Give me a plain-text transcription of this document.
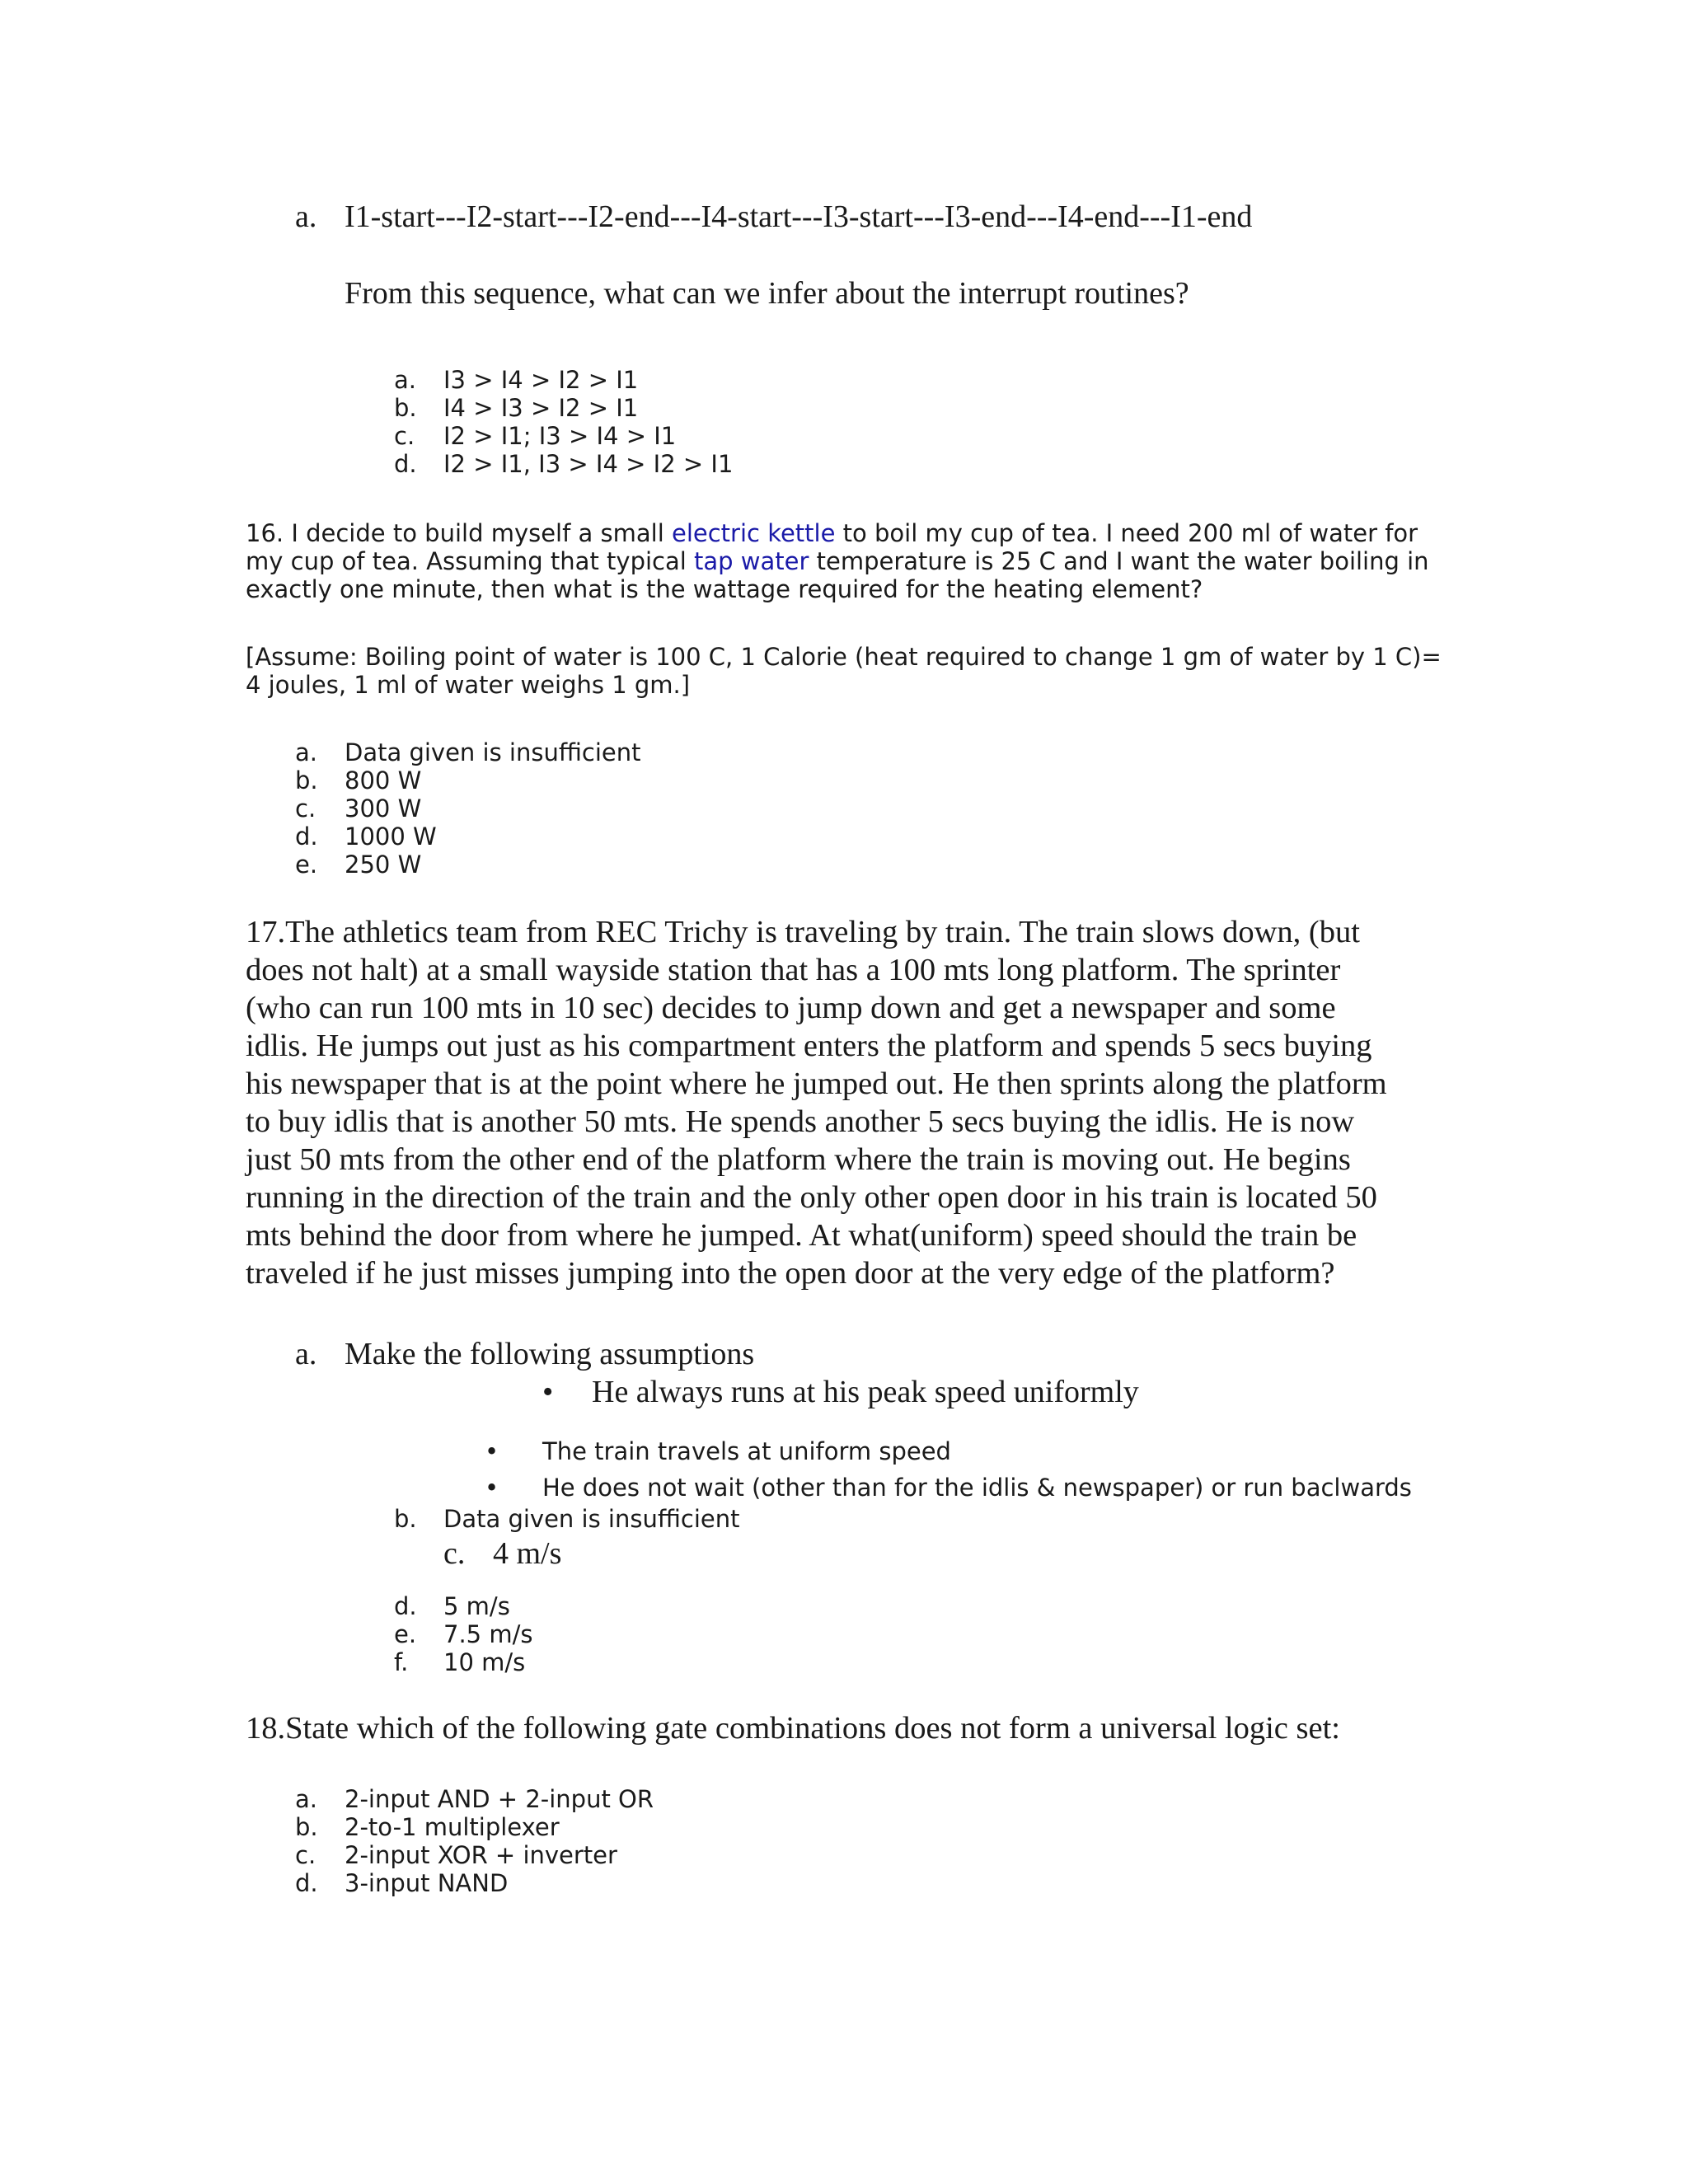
a. I1-start---I2-start---I2-end---I4-start---I3-start---I3-end---I4-end---I1-end
From this sequence, what can we infer about the interrupt routines?
a. I3 > I4 > I2 > I1
b. I4 > I3 > I2 > I1
c. I2 > I1; I3 > I4 > I1
d. I2 > I1, I3 > I4 > I2 > I1
16. I decide to build myself a small electric kettle to boil my cup of tea. I need 200 ml of water for
my cup of tea. Assuming that typical tap water temperature is 25 C and I want the water boiling in
exactly one minute, then what is the wattage required for the heating element?
[Assume: Boiling point of water is 100 C, 1 Calorie (heat required to change 1 gm of water by 1 C)=
4 joules, 1 ml of water weighs 1 gm.]
a. Data given is insufficient
b. 800 W
c. 300 W
d. 1000 W
e. 250 W
17.The athletics team from REC Trichy is traveling by train. The train slows down, (but
does not halt) at a small wayside station that has a 100 mts long platform. The sprinter
(who can run 100 mts in 10 sec) decides to jump down and get a newspaper and some
idlis. He jumps out just as his compartment enters the platform and spends 5 secs buying
his newspaper that is at the point where he jumped out. He then sprints along the platform
to buy idlis that is another 50 mts. He spends another 5 secs buying the idlis. He is now
just 50 mts from the other end of the platform where the train is moving out. He begins
running in the direction of the train and the only other open door in his train is located 50
mts behind the door from where he jumped. At what(uniform) speed should the train be
traveled if he just misses jumping into the open door at the very edge of the platform?
a. Make the following assumptions
• He always runs at his peak speed uniformly
• The train travels at uniform speed
• He does not wait (other than for the idlis & newspaper) or run baclwards
b. Data given is insufficient
c. 4 m/s
d. 5 m/s
e. 7.5 m/s
f. 10 m/s
18.State which of the following gate combinations does not form a universal logic set:
a. 2-input AND + 2-input OR
b. 2-to-1 multiplexer
c. 2-input XOR + inverter
d. 3-input NAND
